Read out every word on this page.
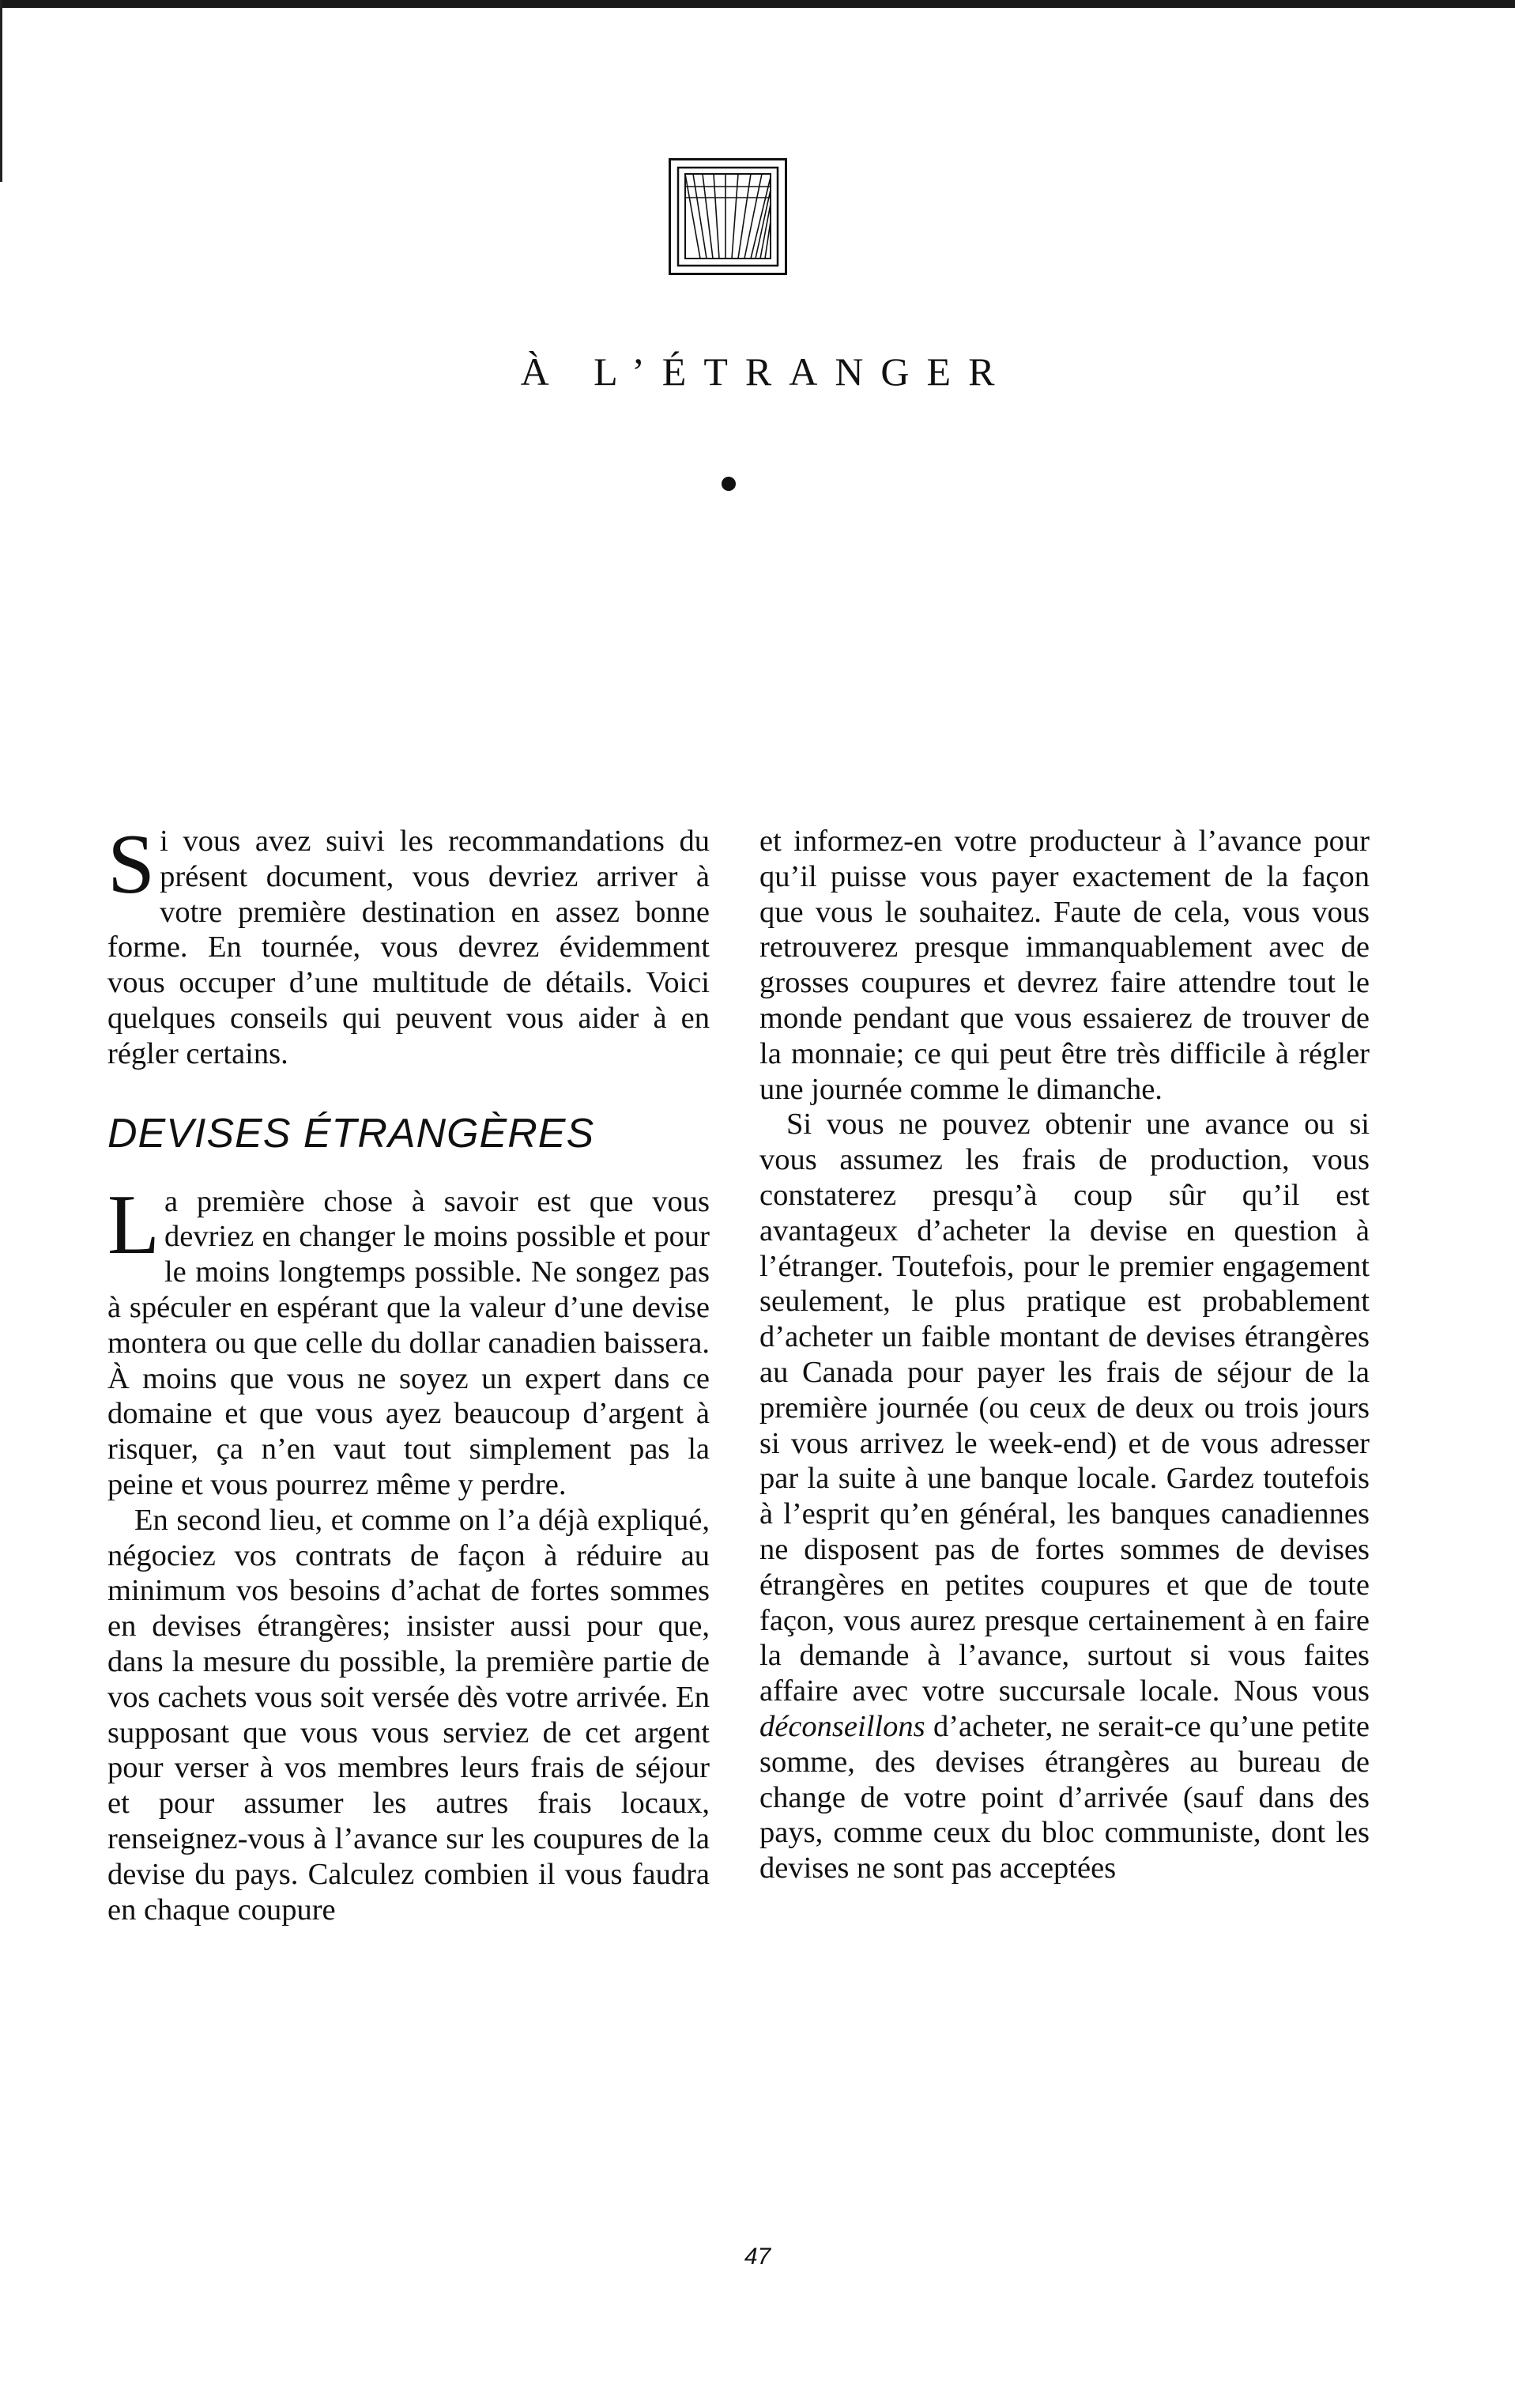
À L’ÉTRANGER

Si vous avez suivi les recommandations du présent document, vous devriez arriver à votre première destination en assez bonne forme. En tournée, vous devrez évidemment vous occuper d’une multitude de détails. Voici quelques conseils qui peuvent vous aider à en régler certains.

DEVISES ÉTRANGÈRES

La première chose à savoir est que vous devriez en changer le moins possible et pour le moins longtemps possible. Ne songez pas à spéculer en espérant que la valeur d’une devise montera ou que celle du dollar canadien baissera. À moins que vous ne soyez un expert dans ce domaine et que vous ayez beaucoup d’argent à risquer, ça n’en vaut tout simplement pas la peine et vous pourrez même y perdre.

En second lieu, et comme on l’a déjà expliqué, négociez vos contrats de façon à réduire au minimum vos besoins d’achat de fortes sommes en devises étrangères; insister aussi pour que, dans la mesure du possible, la première partie de vos cachets vous soit versée dès votre arrivée. En supposant que vous vous serviez de cet argent pour verser à vos membres leurs frais de séjour et pour assumer les autres frais locaux, renseignez-vous à l’avance sur les coupures de la devise du pays. Calculez combien il vous faudra en chaque coupure

et informez-en votre producteur à l’avance pour qu’il puisse vous payer exactement de la façon que vous le souhaitez. Faute de cela, vous vous retrouverez presque immanquablement avec de grosses coupures et devrez faire attendre tout le monde pendant que vous essaierez de trouver de la monnaie; ce qui peut être très difficile à régler une journée comme le dimanche.

Si vous ne pouvez obtenir une avance ou si vous assumez les frais de production, vous constaterez presqu’à coup sûr qu’il est avantageux d’acheter la devise en question à l’étranger. Toutefois, pour le premier engagement seulement, le plus pratique est probablement d’acheter un faible montant de devises étrangères au Canada pour payer les frais de séjour de la première journée (ou ceux de deux ou trois jours si vous arrivez le week-end) et de vous adresser par la suite à une banque locale. Gardez toutefois à l’esprit qu’en général, les banques canadiennes ne disposent pas de fortes sommes de devises étrangères en petites coupures et que de toute façon, vous aurez presque certainement à en faire la demande à l’avance, surtout si vous faites affaire avec votre succursale locale. Nous vous déconseillons d’acheter, ne serait-ce qu’une petite somme, des devises étrangères au bureau de change de votre point d’arrivée (sauf dans des pays, comme ceux du bloc communiste, dont les devises ne sont pas acceptées

47
